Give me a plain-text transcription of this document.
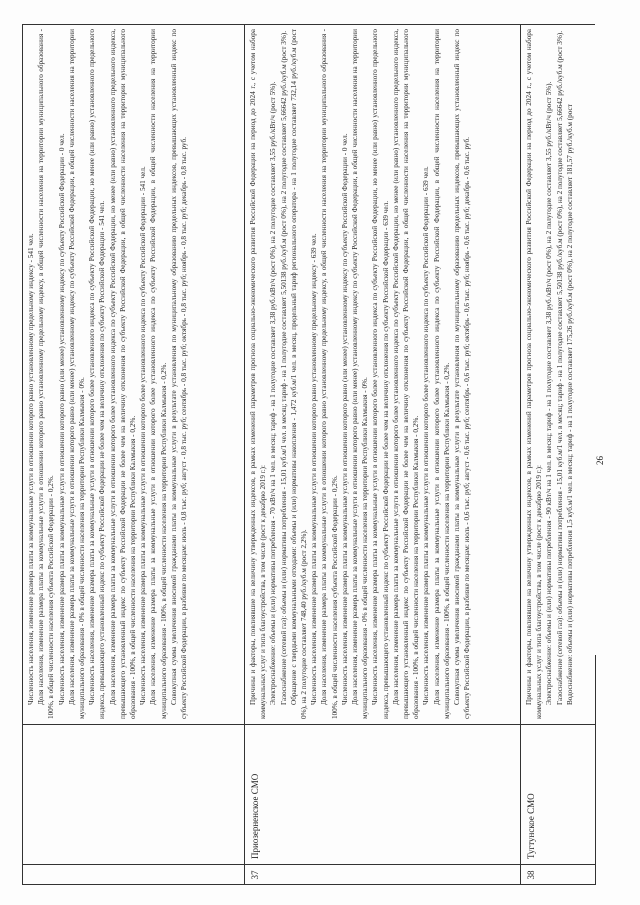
Численность населения, изменение размера платы за коммунальные услуги в отношении которого равно установленному предельному индексу - 541 чел. Доля населения, изменение размера платы за коммунальные услуги в отношении которого равно установленному предельному индексу, в общей численности населения на территории муниципального образования - 100%, в общей численности населения субъекта Российской Федерации - 0,2%. Численность населения, изменение размера платы за коммунальные услуги в отношении которого равно (или менее) установленному индексу по субъекту Российской Федерации - 0 чел. Доля населения, изменение размера платы за коммунальные услуги в отношении которого равно (или менее) установленному индексу по субъекту Российской Федерации, в общей численности населения на территории муниципального образования - 0% в общей численности населения на территории Республики Калмыкия - 0%. Численность населения, изменение размера платы за коммунальные услуги в отношении которого более установленного индекса по субъекту Российской Федерации, но менее (или равно) установленного предельного индекса, превышающего установленный индекс по субъекту Российской Федерации не более чем на величину отклонения по субъекту Российской Федерации - 541 чел. Доля населения, изменение размера платы за коммунальные услуги в отношении которого более установленного индекса по субъекту Российской Федерации, но менее (или равно) установленного предельного индекса, превышающего установленный индекс по субъекту Российской Федерации не более чем на величину отклонения по субъекту Российской Федерации, в общей численности населения на территории муниципального образования - 100%, в общей численности населения на территории Республики Калмыкия - 0,2%. Численность населения, изменение размера платы за коммунальные услуги в отношении которого более установленного индекса по субъекту Российской Федерации - 541 чел. Доля населения, изменение размера платы за коммунальные услуги в отношении которого более установленного индекса по субъекту Российской Федерации, в общей численности населения на территории муниципального образования - 100%, в общей численности населения на территории Республики Калмыкия - 0,2%. Совокупная сумма увеличения вносимой гражданами платы за коммунальные услуги в результате установления по муниципальному образованию предельных индексов, превышающих установленный индекс по субъекту Российской Федерации, в разбивке по месяцам: июль - 0,8 тыс. руб; август - 0,8 тыс. руб; сентябрь - 0,8 тыс. руб; октябрь - 0,8 тыс. руб; ноябрь - 0,8 тыс. руб; декабрь - 0,8 тыс. руб.

37
Приозерненское СМО

Причины и факторы, повлиявшие на величину утвержденных индексов, в рамках изменений параметров прогноза социально-экономического развития Российской Федерации на период до 2024 г., с учетом набора коммунальных услуг и типа благоустройства, в том числе (рост к декабрю 2019 г.): Электроснабжение: объемы и (или) нормативы потребления - 70 кВт/ч на 1 чел. в месяц; тариф - на 1 полугодие составляет 3,38 руб./кВт/ч (рост 0%), на 2 полугодие составляет 3,55 руб./кВт/ч (рост 5%). Газоснабжение (сетевой газ): объемы и (или) нормативы потребления - 15,01 куб.м/1 чел. в месяц; тариф - на 1 полугодие составляет 5,50138 руб./куб.м (рост 0%), на 2 полугодие составляет 5,66642 руб./куб.м (рост 3%). Обращение с твердыми коммунальными отходами: объемы и (или) нормативы накопления - 1,472 куб.м/1 чел. в месяц, предельный тариф регионального оператора - на 1 полугодие составляет 732,14 руб./куб.м (рост 0%), на 2 полугодие составляет 748,40 руб./куб.м (рост 2,2%). Численность населения, изменение размера платы за коммунальные услуги в отношении которого равно установленному предельному индексу - 639 чел. Доля населения, изменение размера платы за коммунальные услуги в отношении которого равно установленному предельному индексу, в общей численности населения на территории муниципального образования - 100%, в общей численности населения субъекта Российской Федерации - 0,2%. Численность населения, изменение размера платы за коммунальные услуги в отношении которого равно (или менее) установленному индексу по субъекту Российской Федерации - 0 чел. Доля населения, изменение размера платы за коммунальные услуги в отношении которого равно (или менее) установленному индексу по субъекту Российской Федерации, в общей численности населения на территории муниципального образования - 0% в общей численности населения на территории Республики Калмыкия - 0%. Численность населения, изменение размера платы за коммунальные услуги в отношении которого более установленного индекса по субъекту Российской Федерации, но менее (или равно) установленного предельного индекса, превышающего установленный индекс по субъекту Российской Федерации не более чем на величину отклонения по субъекту Российской Федерации - 639 чел. Доля населения, изменение размера платы за коммунальные услуги в отношении которого более установленного индекса по субъекту Российской Федерации, но менее (или равно) установленного предельного индекса, превышающего установленный индекс по субъекту Российской Федерации не более чем на величину отклонения по субъекту Российской Федерации, в общей численности населения на территории муниципального образования - 100%, в общей численности населения на территории Республики Калмыкия - 0,2%. Численность населения, изменение размера платы за коммунальные услуги в отношении которого более установленного индекса по субъекту Российской Федерации - 639 чел. Доля населения, изменение размера платы за коммунальные услуги в отношении которого более установленного индекса по субъекту Российской Федерации, в общей численности населения на территории муниципального образования - 100%, в общей численности населения на территории Республики Калмыкия - 0,2%. Совокупная сумма увеличения вносимой гражданами платы за коммунальные услуги в результате установления по муниципальному образованию предельных индексов, превышающих установленный индекс по субъекту Российской Федерации, в разбивке по месяцам: июль - 0,6 тыс. руб; август - 0,6 тыс. руб; сентябрь - 0,6 тыс. руб; октябрь - 0,6 тыс. руб; ноябрь - 0,6 тыс. руб; декабрь - 0,6 тыс. руб.

38
Тугтунское СМО

Причины и факторы, повлиявшие на величину утвержденных индексов, в рамках изменений параметров прогноза социально-экономического развития Российской Федерации на период до 2024 г., с учетом набора коммунальных услуг и типа благоустройства, в том числе (рост к декабрю 2019 г.): Электроснабжение: объемы и (или) нормативы потребления - 90 кВт/ч на 1 чел. в месяц; тариф - на 1 полугодие составляет 3,38 руб./кВт/ч (рост 0%), на 2 полугодие составляет 3,55 руб./кВт/ч (рост 5%). Газоснабжение (сетевой газ): объемы и (или) нормативы потребления - 15,01 куб.м/1 чел. в месяц; тариф - на 1 полугодие составляет 5,50138 руб./куб.м (рост 0%), на 2 полугодие составляет 5,66642 руб./куб.м (рост 3%). Водоснабжение: объемы и (или) нормативы потребления 1,5 куб.м/1 чел. в месяц; тариф - на 1 полугодие составляет 175,26 руб./куб.м (рост 0%), на 2 полугодие составляет 181,57 руб./куб.м (рост 26
